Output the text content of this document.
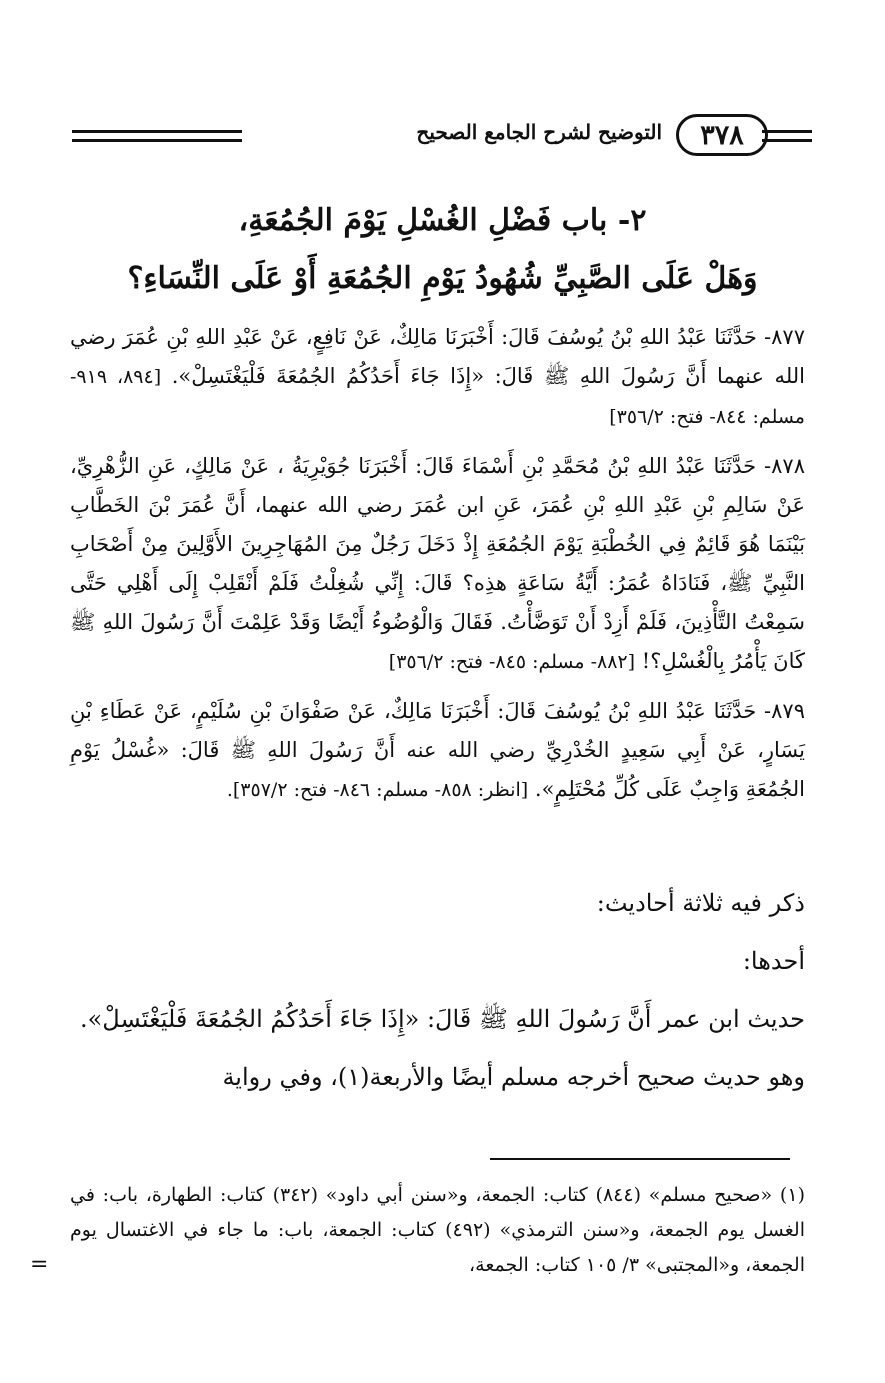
٣٧٨
التوضيح لشرح الجامع الصحيح
٢- باب فَضْلِ الغُسْلِ يَوْمَ الجُمُعَةِ،
وَهَلْ عَلَى الصَّبِيِّ شُهُودُ يَوْمِ الجُمُعَةِ أَوْ عَلَى النِّسَاءِ؟

٨٧٧- حَدَّثَنَا عَبْدُ اللهِ بْنُ يُوسُفَ قَالَ: أَخْبَرَنَا مَالِكٌ، عَنْ نَافِعٍ، عَنْ عَبْدِ اللهِ بْنِ عُمَرَ رضي الله عنهما أَنَّ رَسُولَ اللهِ ﷺ قَالَ: «إِذَا جَاءَ أَحَدُكُمُ الجُمُعَةَ فَلْيَغْتَسِلْ». [٨٩٤، ٩١٩- مسلم: ٨٤٤- فتح: ٣٥٦/٢]

٨٧٨- حَدَّثَنَا عَبْدُ اللهِ بْنُ مُحَمَّدِ بْنِ أَسْمَاءَ قَالَ: أَخْبَرَنَا جُوَيْرِيَةُ ، عَنْ مَالِكٍ، عَنِ الزُّهْرِيِّ، عَنْ سَالِمِ بْنِ عَبْدِ اللهِ بْنِ عُمَرَ، عَنِ ابن عُمَرَ رضي الله عنهما، أَنَّ عُمَرَ بْنَ الخَطَّابِ بَيْنَمَا هُوَ قَائِمٌ فِي الخُطْبَةِ يَوْمَ الجُمُعَةِ إِذْ دَخَلَ رَجُلٌ مِنَ المُهَاجِرِينَ الأَوَّلِينَ مِنْ أَصْحَابِ النَّبِيِّ ﷺ، فَنَادَاهُ عُمَرُ: أَيَّةُ سَاعَةٍ هذِه؟ قَالَ: إِنِّي شُغِلْتُ فَلَمْ أَنْقَلِبْ إِلَى أَهْلِي حَتَّى سَمِعْتُ التَّأْذِينَ، فَلَمْ أَزِدْ أَنْ تَوَضَّأْتُ. فَقَالَ وَالْوُضُوءُ أَيْضًا وَقَدْ عَلِمْتَ أَنَّ رَسُولَ اللهِ ﷺ كَانَ يَأْمُرُ بِالْغُسْلِ؟! [٨٨٢- مسلم: ٨٤٥- فتح: ٣٥٦/٢]

٨٧٩- حَدَّثَنَا عَبْدُ اللهِ بْنُ يُوسُفَ قَالَ: أَخْبَرَنَا مَالِكٌ، عَنْ صَفْوَانَ بْنِ سُلَيْمٍ، عَنْ عَطَاءِ بْنِ يَسَارٍ، عَنْ أَبِي سَعِيدٍ الخُدْرِيِّ رضي الله عنه أَنَّ رَسُولَ اللهِ ﷺ قَالَ: «غُسْلُ يَوْمِ الجُمُعَةِ وَاجِبٌ عَلَى كُلِّ مُحْتَلِمٍ». [انظر: ٨٥٨- مسلم: ٨٤٦- فتح: ٣٥٧/٢].

ذكر فيه ثلاثة أحاديث:

أحدها:

حديث ابن عمر أَنَّ رَسُولَ اللهِ ﷺ قَالَ: «إِذَا جَاءَ أَحَدُكُمُ الجُمُعَةَ فَلْيَغْتَسِلْ».

وهو حديث صحيح أخرجه مسلم أيضًا والأربعة(١)، وفي رواية

(١) «صحيح مسلم» (٨٤٤) كتاب: الجمعة، و«سنن أبي داود» (٣٤٢) كتاب: الطهارة، باب: في الغسل يوم الجمعة، و«سنن الترمذي» (٤٩٢) كتاب: الجمعة، باب: ما جاء في الاغتسال يوم الجمعة، و«المجتبى» ٣/ ١٠٥ كتاب: الجمعة،
=
